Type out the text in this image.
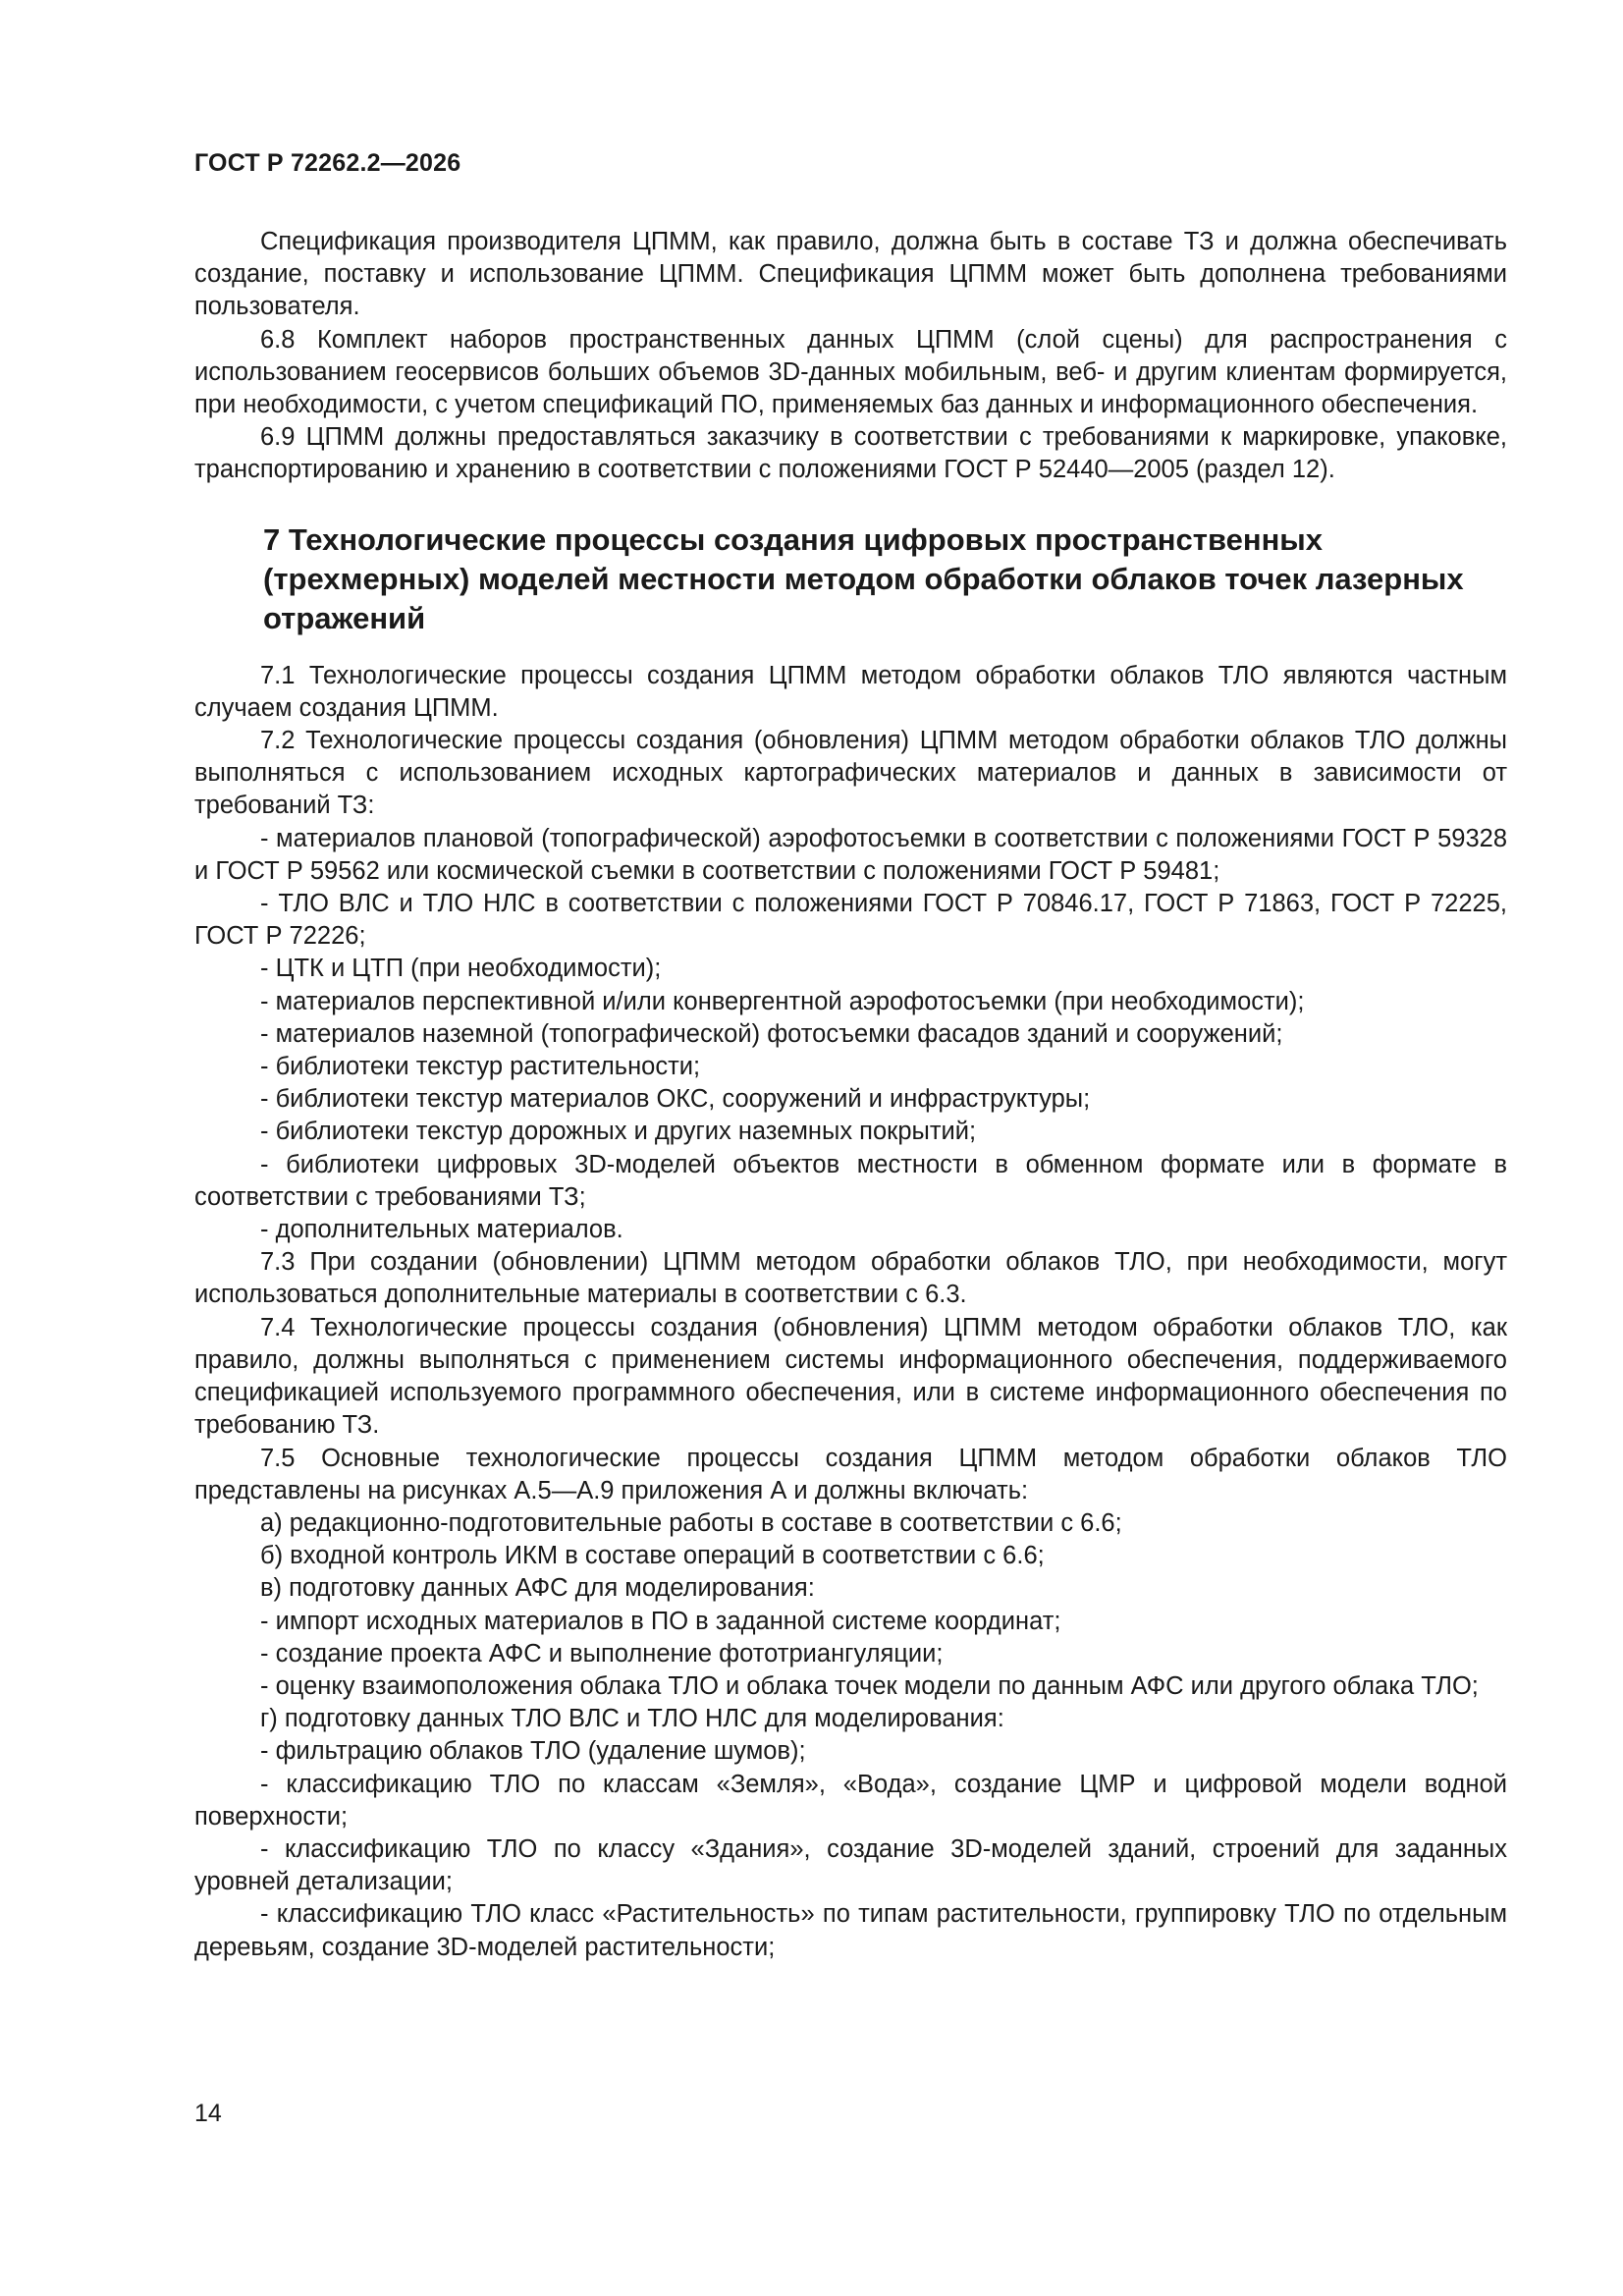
ГОСТ Р 72262.2—2026

Спецификация производителя ЦПММ, как правило, должна быть в составе ТЗ и должна обеспечивать создание, поставку и использование ЦПММ. Спецификация ЦПММ может быть дополнена требованиями пользователя.

6.8 Комплект наборов пространственных данных ЦПММ (слой сцены) для распространения с использованием геосервисов больших объемов 3D-данных мобильным, веб- и другим клиентам формируется, при необходимости, с учетом спецификаций ПО, применяемых баз данных и информационного обеспечения.

6.9 ЦПММ должны предоставляться заказчику в соответствии с требованиями к маркировке, упаковке, транспортированию и хранению в соответствии с положениями ГОСТ Р 52440—2005 (раздел 12).

7 Технологические процессы создания цифровых пространственных (трехмерных) моделей местности методом обработки облаков точек лазерных отражений

7.1 Технологические процессы создания ЦПММ методом обработки облаков ТЛО являются частным случаем создания ЦПММ.

7.2 Технологические процессы создания (обновления) ЦПММ методом обработки облаков ТЛО должны выполняться с использованием исходных картографических материалов и данных в зависимости от требований ТЗ:

- материалов плановой (топографической) аэрофотосъемки в соответствии с положениями ГОСТ Р 59328 и ГОСТ Р 59562 или космической съемки в соответствии с положениями ГОСТ Р 59481;

- ТЛО ВЛС и ТЛО НЛС в соответствии с положениями ГОСТ Р 70846.17, ГОСТ Р 71863, ГОСТ Р 72225, ГОСТ Р 72226;

- ЦТК и ЦТП (при необходимости);

- материалов перспективной и/или конвергентной аэрофотосъемки (при необходимости);

- материалов наземной (топографической) фотосъемки фасадов зданий и сооружений;

- библиотеки текстур растительности;

- библиотеки текстур материалов ОКС, сооружений и инфраструктуры;

- библиотеки текстур дорожных и других наземных покрытий;

- библиотеки цифровых 3D-моделей объектов местности в обменном формате или в формате в соответствии с требованиями ТЗ;

- дополнительных материалов.

7.3 При создании (обновлении) ЦПММ методом обработки облаков ТЛО, при необходимости, могут использоваться дополнительные материалы в соответствии с 6.3.

7.4 Технологические процессы создания (обновления) ЦПММ методом обработки облаков ТЛО, как правило, должны выполняться с применением системы информационного обеспечения, поддерживаемого спецификацией используемого программного обеспечения, или в системе информационного обеспечения по требованию ТЗ.

7.5 Основные технологические процессы создания ЦПММ методом обработки облаков ТЛО представлены на рисунках А.5—А.9 приложения А и должны включать:

а) редакционно-подготовительные работы в составе в соответствии с 6.6;

б) входной контроль ИКМ в составе операций в соответствии с 6.6;

в) подготовку данных АФС для моделирования:

- импорт исходных материалов в ПО в заданной системе координат;

- создание проекта АФС и выполнение фототриангуляции;

- оценку взаимоположения облака ТЛО и облака точек модели по данным АФС или другого облака ТЛО;

г) подготовку данных ТЛО ВЛС и ТЛО НЛС для моделирования:

- фильтрацию облаков ТЛО (удаление шумов);

- классификацию ТЛО по классам «Земля», «Вода», создание ЦМР и цифровой модели водной поверхности;

- классификацию ТЛО по классу «Здания», создание 3D-моделей зданий, строений для заданных уровней детализации;

- классификацию ТЛО класс «Растительность» по типам растительности, группировку ТЛО по отдельным деревьям, создание 3D-моделей растительности;

14
